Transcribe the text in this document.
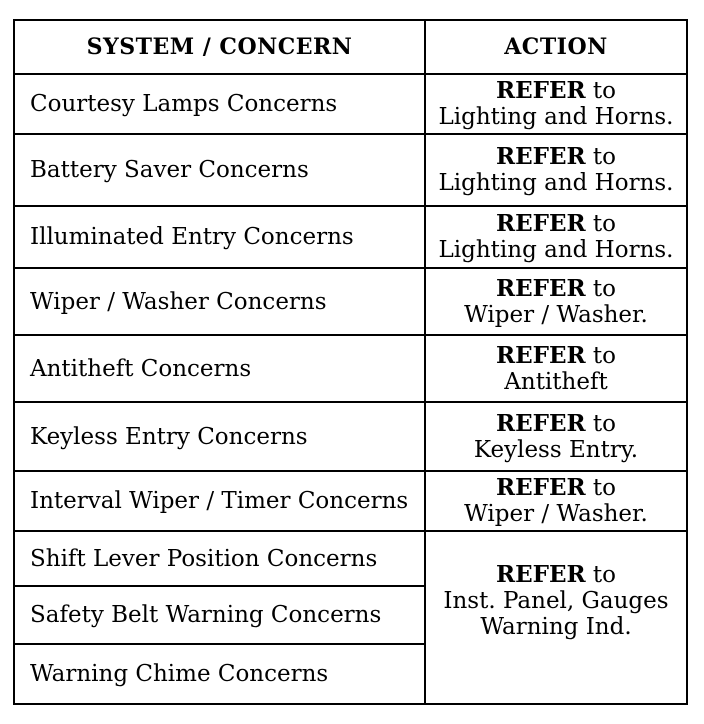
SYSTEM / CONCERN	ACTION
Courtesy Lamps Concerns	REFER to
Lighting and Horns.
Battery Saver Concerns	REFER to
Lighting and Horns.
Illuminated Entry Concerns	REFER to
Lighting and Horns.
Wiper / Washer Concerns	REFER to
Wiper / Washer.
Antitheft Concerns	REFER to
Antitheft
Keyless Entry Concerns	REFER to
Keyless Entry.
Interval Wiper / Timer Concerns	REFER to
Wiper / Washer.
Shift Lever Position Concerns	REFER to
Inst. Panel, Gauges
Warning Ind.

Safety Belt Warning Concerns	
Warning Chime Concerns	
